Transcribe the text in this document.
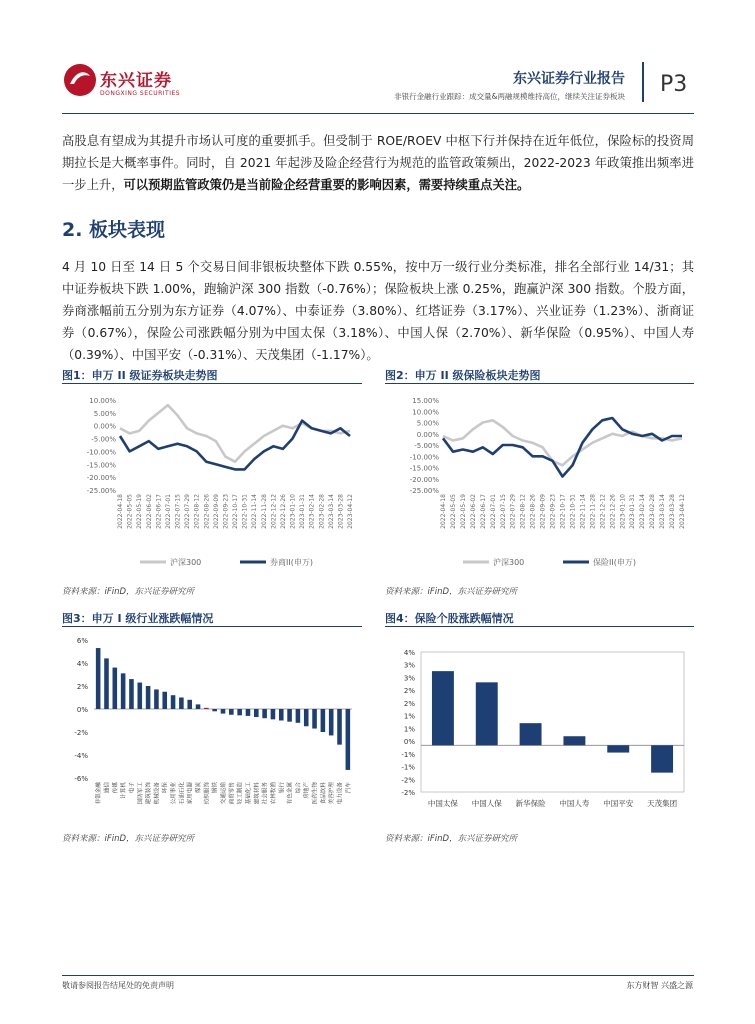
东兴证券
DONGXING SECURITIES
东兴证券行业报告
非银行金融行业跟踪：成交量&两融规模维持高位，继续关注证券板块 P3
高股息有望成为其提升市场认可度的重要抓手。但受制于 ROE/ROEV 中枢下行并保持在近年低位，保险标的投资周期拉长是大概率事件。同时，自 2021 年起涉及险企经营行为规范的监管政策频出，2022-2023 年政策推出频率进一步上升，可以预期监管政策仍是当前险企经营重要的影响因素，需要持续重点关注。
2. 板块表现
4 月 10 日至 14 日 5 个交易日间非银板块整体下跌 0.55%，按中万一级行业分类标准，排名全部行业 14/31；其中证券板块下跌 1.00%，跑输沪深 300 指数（-0.76%）；保险板块上涨 0.25%，跑赢沪深 300 指数。个股方面，券商涨幅前五分别为东方证券（4.07%）、中泰证券（3.80%）、红塔证券（3.17%）、兴业证券（1.23%）、浙商证券（0.67%），保险公司涨跌幅分别为中国太保（3.18%）、中国人保（2.70%）、新华保险（0.95%）、中国人寿（0.39%）、中国平安（-0.31%）、天茂集团（-1.17%）。
图1：申万 II 级证券板块走势图
10.00%
5.00%
0.00%
-5.00%
-10.00%
-15.00%
-20.00%
-25.00%
2022-04-18 2022-05-05 2022-05-19 2022-06-02 2022-06-17 2022-07-01 2022-07-15 2022-07-29 2022-08-12 2022-08-26 2022-09-09 2022-09-23 2022-10-17 2022-10-31 2022-11-14 2022-11-28 2022-12-12 2022-12-26 2023-01-10 2023-01-31 2023-02-14 2023-02-28 2023-03-14 2023-03-28 2023-04-12
沪深300	券商II(申万)
资料来源：iFinD，东兴证券研究所
图2：申万 II 级保险板块走势图
15.00%
10.00%
5.00%
0.00%
-5.00%
-10.00%
-15.00%
-20.00%
-25.00%
2022-04-18 2022-05-05 2022-05-19 2022-06-02 2022-06-17 2022-07-01 2022-07-15 2022-07-29 2022-08-12 2022-08-26 2022-09-09 2022-09-23 2022-10-17 2022-10-31 2022-11-14 2022-11-28 2022-12-12 2022-12-26 2023-01-10 2023-01-31 2023-02-14 2023-02-28 2023-03-14 2023-03-28 2023-04-12
沪深300	保险II(申万)
资料来源：iFinD，东兴证券研究所
图3：申万 I 级行业涨跌幅情况
6%
4%
2%
0%
-2%
-4%
-6%
非银金融 通信 传媒 计算机 电子 国防军工 建筑装饰 机械设备 环保 公用事业 石油石化 家用电器 煤炭 纺织服饰 钢铁 交通运输 商贸零售 轻工制造 基础化工 建筑材料 社会服务 农林牧渔 银行 有色金属 综合 房地产 医药生物 食品饮料 美容护理 电力设备 汽车
资料来源：iFinD，东兴证券研究所
图4：保险个股涨跌幅情况
4%
3%
3%
2%
2%
1%
1%
0%
-1%
-1%
-2%
-2%
中国太保 中国人保 新华保险 中国人寿 中国平安 天茂集团
资料来源：iFinD，东兴证券研究所
敬请参阅报告结尾处的免责声明	东方财智 兴盛之源
